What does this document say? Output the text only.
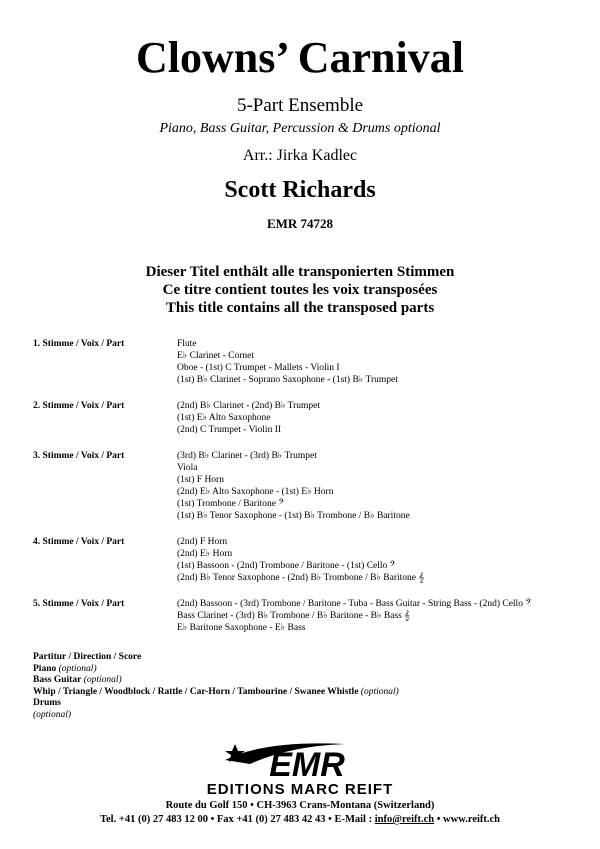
Clowns’ Carnival
5-Part Ensemble
Piano, Bass Guitar, Percussion & Drums optional
Arr.: Jirka Kadlec
Scott Richards
EMR 74728
Dieser Titel enthält alle transponierten Stimmen
Ce titre contient toutes les voix transposées
This title contains all the transposed parts
1. Stimme / Voix / Part	Flute
E♭ Clarinet - Cornet
Oboe - (1st) C Trumpet - Mallets - Violin I
(1st) B♭ Clarinet - Soprano Saxophone - (1st) B♭ Trumpet
2. Stimme / Voix / Part	(2nd) B♭ Clarinet - (2nd) B♭ Trumpet
(1st) E♭ Alto Saxophone
(2nd) C Trumpet - Violin II
3. Stimme / Voix / Part	(3rd) B♭ Clarinet - (3rd) B♭ Trumpet
Viola
(1st) F Horn
(2nd) E♭ Alto Saxophone - (1st) E♭ Horn
(1st) Trombone / Baritone 𝄢
(1st) B♭ Tenor Saxophone - (1st) B♭ Trombone / B♭ Baritone
4. Stimme / Voix / Part	(2nd) F Horn
(2nd) E♭ Horn
(1st) Bassoon - (2nd) Trombone / Baritone - (1st) Cello 𝄢
(2nd) B♭ Tenor Saxophone - (2nd) B♭ Trombone / B♭ Baritone 𝄞
5. Stimme / Voix / Part	(2nd) Bassoon - (3rd) Trombone / Baritone - Tuba - Bass Guitar - String Bass - (2nd) Cello 𝄢
Bass Clarinet - (3rd) B♭ Trombone / B♭ Baritone - B♭ Bass 𝄞
E♭ Baritone Saxophone - E♭ Bass
Partitur / Direction / Score
Piano (optional)
Bass Guitar (optional)
Whip / Triangle / Woodblock / Rattle / Car-Horn / Tambourine / Swanee Whistle (optional)
Drums
(optional)
EMR
EDITIONS MARC REIFT
Route du Golf 150 • CH-3963 Crans-Montana (Switzerland)
Tel. +41 (0) 27 483 12 00 • Fax +41 (0) 27 483 42 43 • E-Mail : info@reift.ch • www.reift.ch
